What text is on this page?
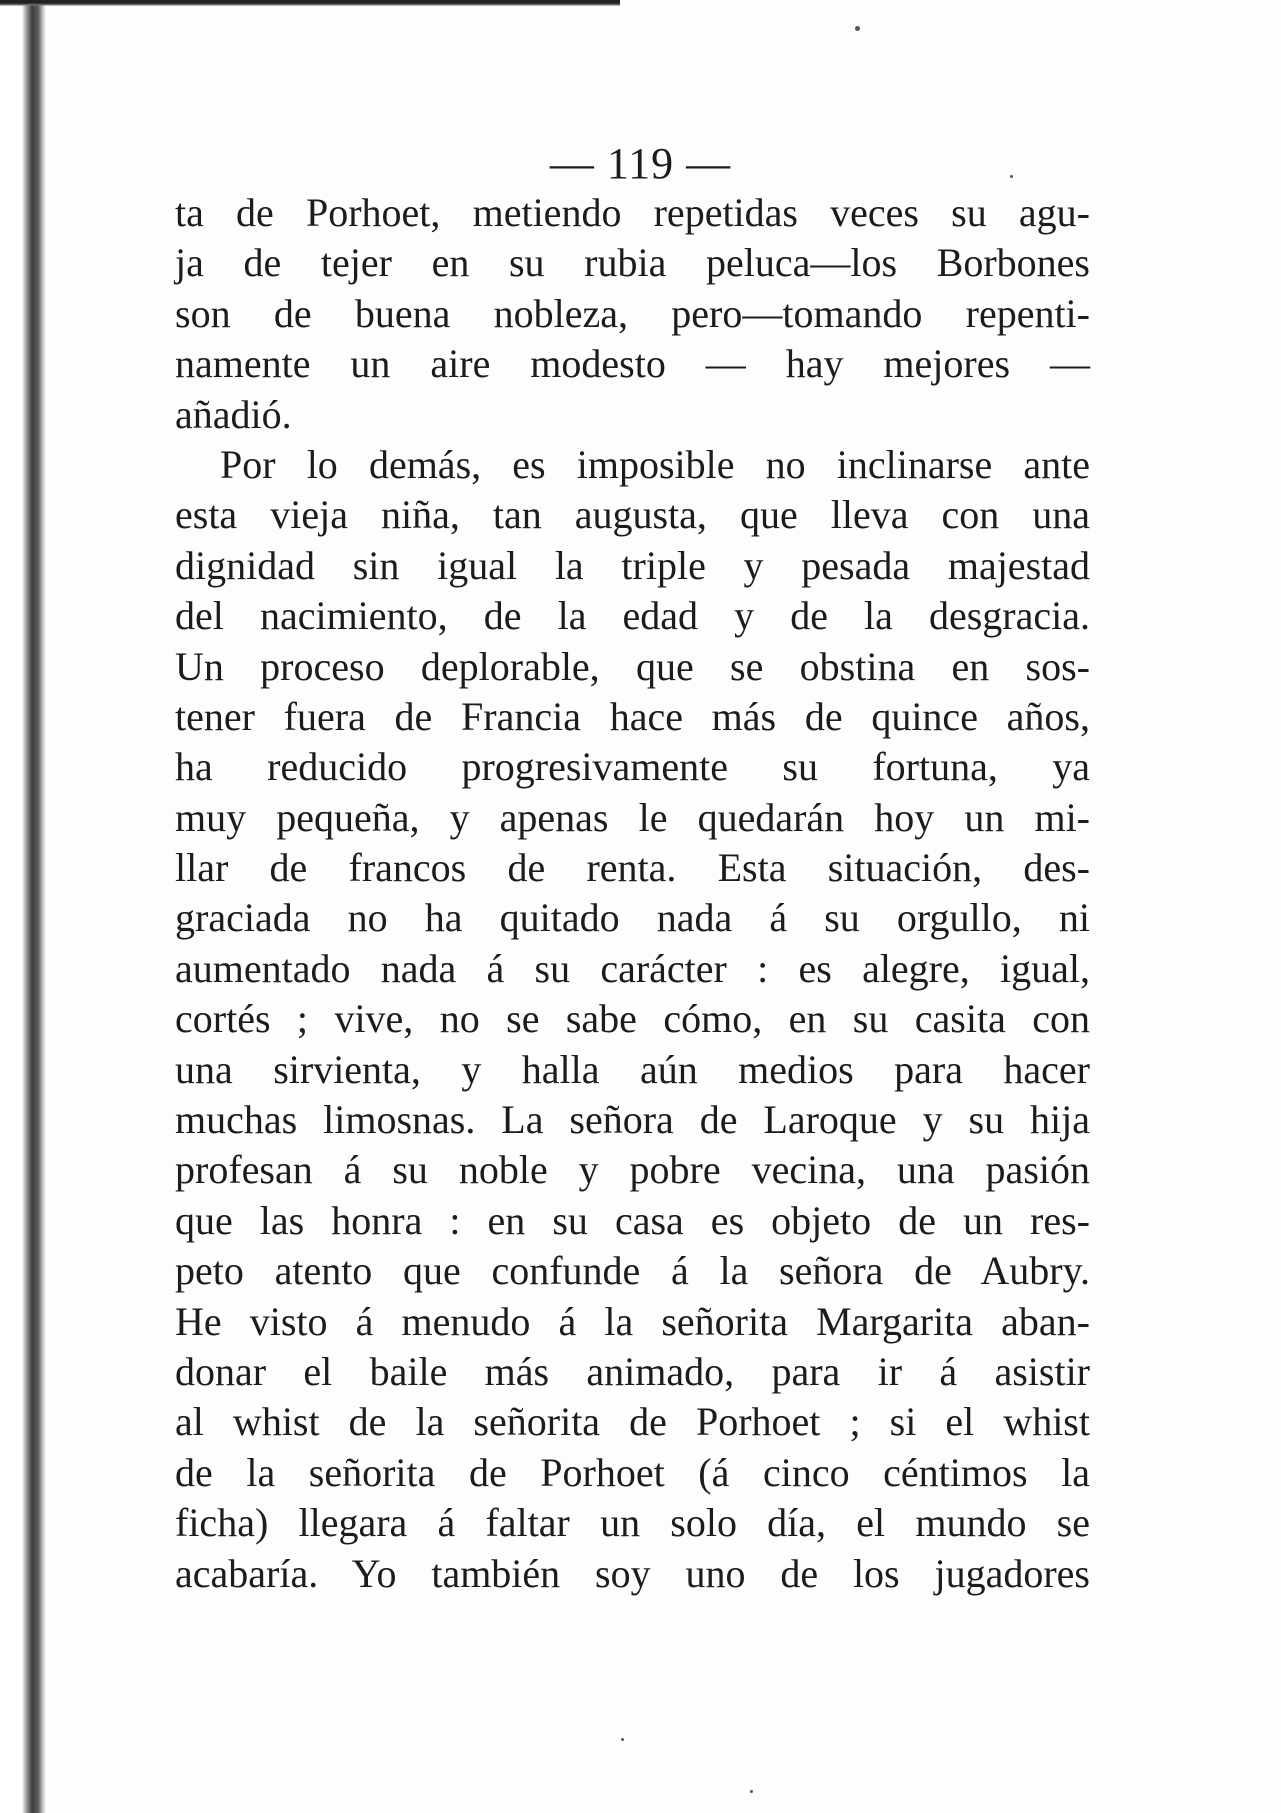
— 119 —
ta de Porhoet, metiendo repetidas veces su agu-
ja de tejer en su rubia peluca—los Borbones
son de buena nobleza, pero—tomando repenti-
namente un aire modesto — hay mejores —
añadió.
Por lo demás, es imposible no inclinarse ante
esta vieja niña, tan augusta, que lleva con una
dignidad sin igual la triple y pesada majestad
del nacimiento, de la edad y de la desgracia.
Un proceso deplorable, que se obstina en sos-
tener fuera de Francia hace más de quince años,
ha reducido progresivamente su fortuna, ya
muy pequeña, y apenas le quedarán hoy un mi-
llar de francos de renta. Esta situación, des-
graciada no ha quitado nada á su orgullo, ni
aumentado nada á su carácter : es alegre, igual,
cortés ; vive, no se sabe cómo, en su casita con
una sirvienta, y halla aún medios para hacer
muchas limosnas. La señora de Laroque y su hija
profesan á su noble y pobre vecina, una pasión
que las honra : en su casa es objeto de un res-
peto atento que confunde á la señora de Aubry.
He visto á menudo á la señorita Margarita aban-
donar el baile más animado, para ir á asistir
al whist de la señorita de Porhoet ; si el whist
de la señorita de Porhoet (á cinco céntimos la
ficha) llegara á faltar un solo día, el mundo se
acabaría. Yo también soy uno de los jugadores
